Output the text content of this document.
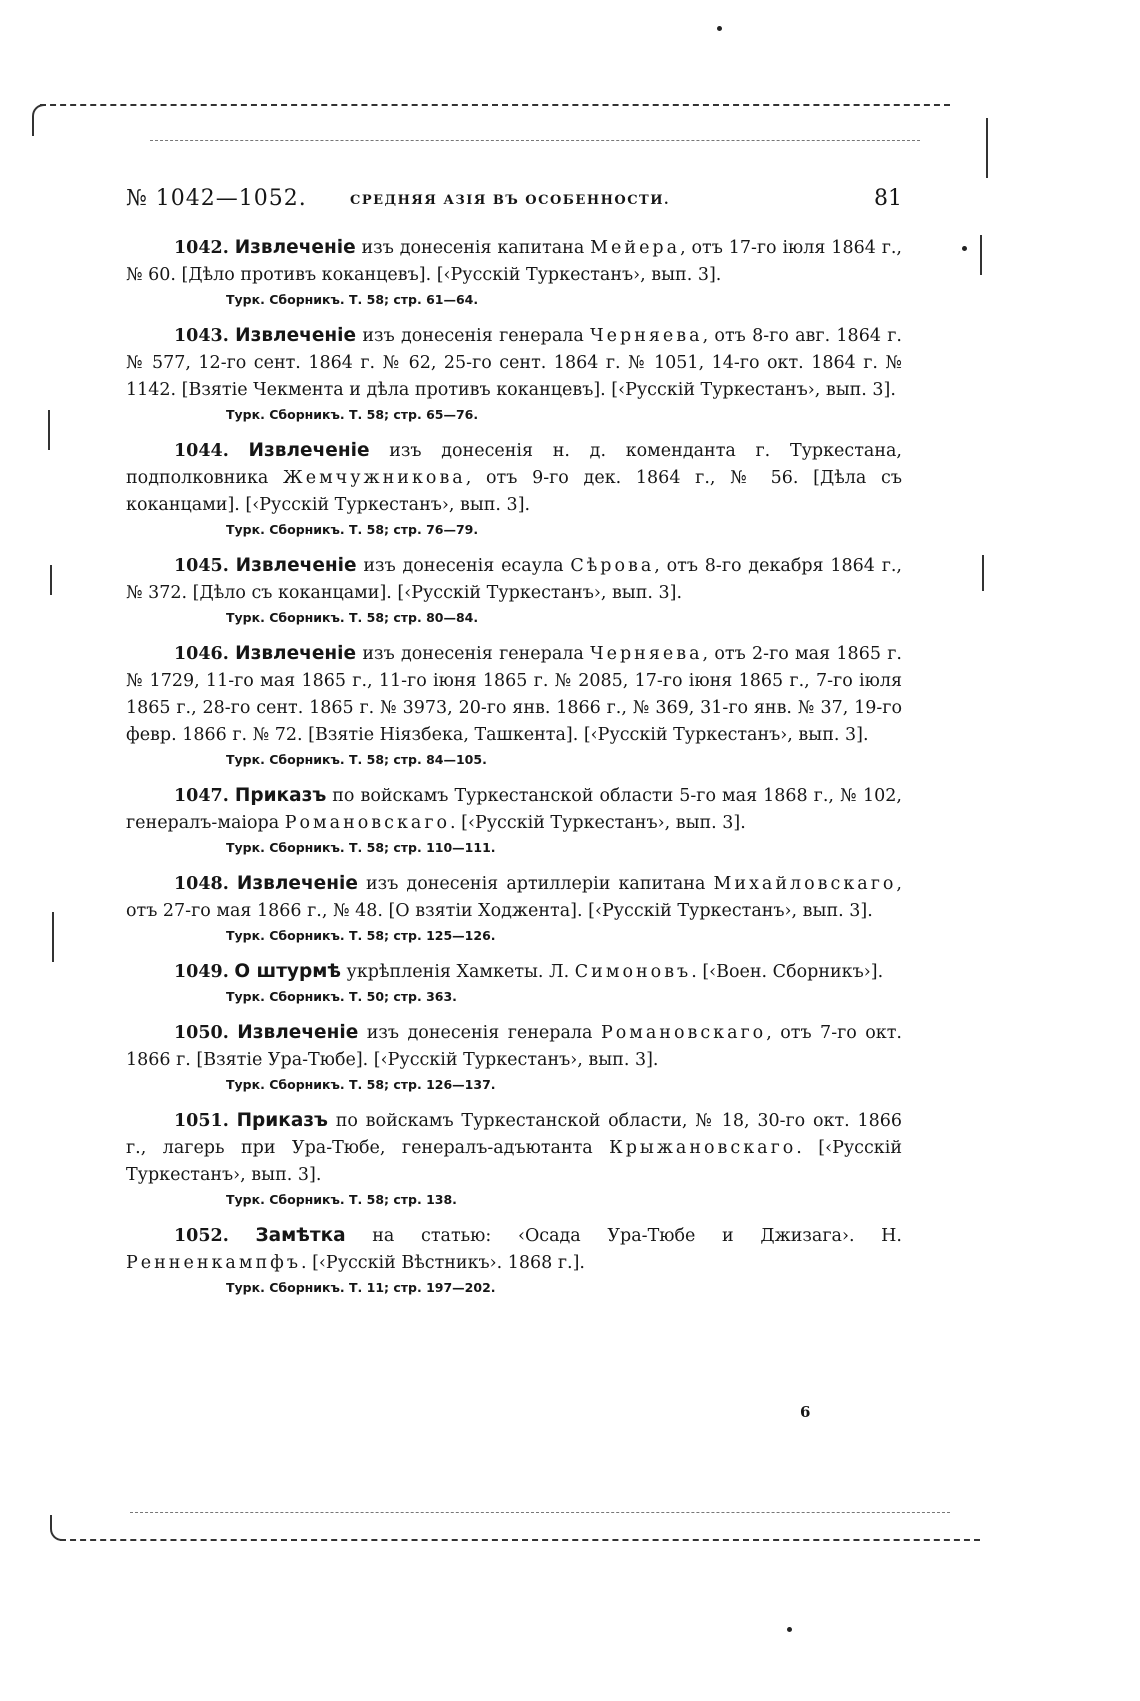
№ 1042—1052.	СРЕДНЯЯ АЗІЯ ВЪ ОСОБЕННОСТИ.	81
1042. Извлеченіе изъ донесенія капитана Мейера, отъ 17-го іюля 1864 г., № 60. [Дѣло противъ коканцевъ]. [‹Русскій Туркестанъ›, вып. 3].
Турк. Сборникъ. Т. 58; стр. 61—64.
1043. Извлеченіе изъ донесенія генерала Черняева, отъ 8-го авг. 1864 г. № 577, 12-го сент. 1864 г. № 62, 25-го сент. 1864 г. № 1051, 14-го окт. 1864 г. № 1142. [Взятіе Чекмента и дѣла противъ коканцевъ]. [‹Русскій Туркестанъ›, вып. 3].
Турк. Сборникъ. Т. 58; стр. 65—76.
1044. Извлеченіе изъ донесенія н. д. коменданта г. Туркестана, подполковника Жемчужникова, отъ 9-го дек. 1864 г., № 56. [Дѣла съ коканцами]. [‹Русскій Туркестанъ›, вып. 3].
Турк. Сборникъ. Т. 58; стр. 76—79.
1045. Извлеченіе изъ донесенія есаула Сѣрова, отъ 8-го декабря 1864 г., № 372. [Дѣло съ коканцами]. [‹Русскій Туркестанъ›, вып. 3].
Турк. Сборникъ. Т. 58; стр. 80—84.
1046. Извлеченіе изъ донесенія генерала Черняева, отъ 2-го мая 1865 г. № 1729, 11-го мая 1865 г., 11-го іюня 1865 г. № 2085, 17-го іюня 1865 г., 7-го іюля 1865 г., 28-го сент. 1865 г. № 3973, 20-го янв. 1866 г., № 369, 31-го янв. № 37, 19-го февр. 1866 г. № 72. [Взятіе Ніязбека, Ташкента]. [‹Русскій Туркестанъ›, вып. 3].
Турк. Сборникъ. Т. 58; стр. 84—105.
1047. Приказъ по войскамъ Туркестанской области 5-го мая 1868 г., № 102, генералъ-маіора Романовскаго. [‹Русскій Туркестанъ›, вып. 3].
Турк. Сборникъ. Т. 58; стр. 110—111.
1048. Извлеченіе изъ донесенія артиллеріи капитана Михайловскаго, отъ 27-го мая 1866 г., № 48. [О взятіи Ходжента]. [‹Русскій Туркестанъ›, вып. 3].
Турк. Сборникъ. Т. 58; стр. 125—126.
1049. О штурмѣ укрѣпленія Хамкеты. Л. Симоновъ. [‹Воен. Сборникъ›].
Турк. Сборникъ. Т. 50; стр. 363.
1050. Извлеченіе изъ донесенія генерала Романовскаго, отъ 7-го окт. 1866 г. [Взятіе Ура-Тюбе]. [‹Русскій Туркестанъ›, вып. 3].
Турк. Сборникъ. Т. 58; стр. 126—137.
1051. Приказъ по войскамъ Туркестанской области, № 18, 30-го окт. 1866 г., лагерь при Ура-Тюбе, генералъ-адъютанта Крыжановскаго. [‹Русскій Туркестанъ›, вып. 3].
Турк. Сборникъ. Т. 58; стр. 138.
1052. Замѣтка на статью: ‹Осада Ура-Тюбе и Джизага›. Н. Ренненкампфъ. [‹Русскій Вѣстникъ›. 1868 г.].
Турк. Сборникъ. Т. 11; стр. 197—202.
6
